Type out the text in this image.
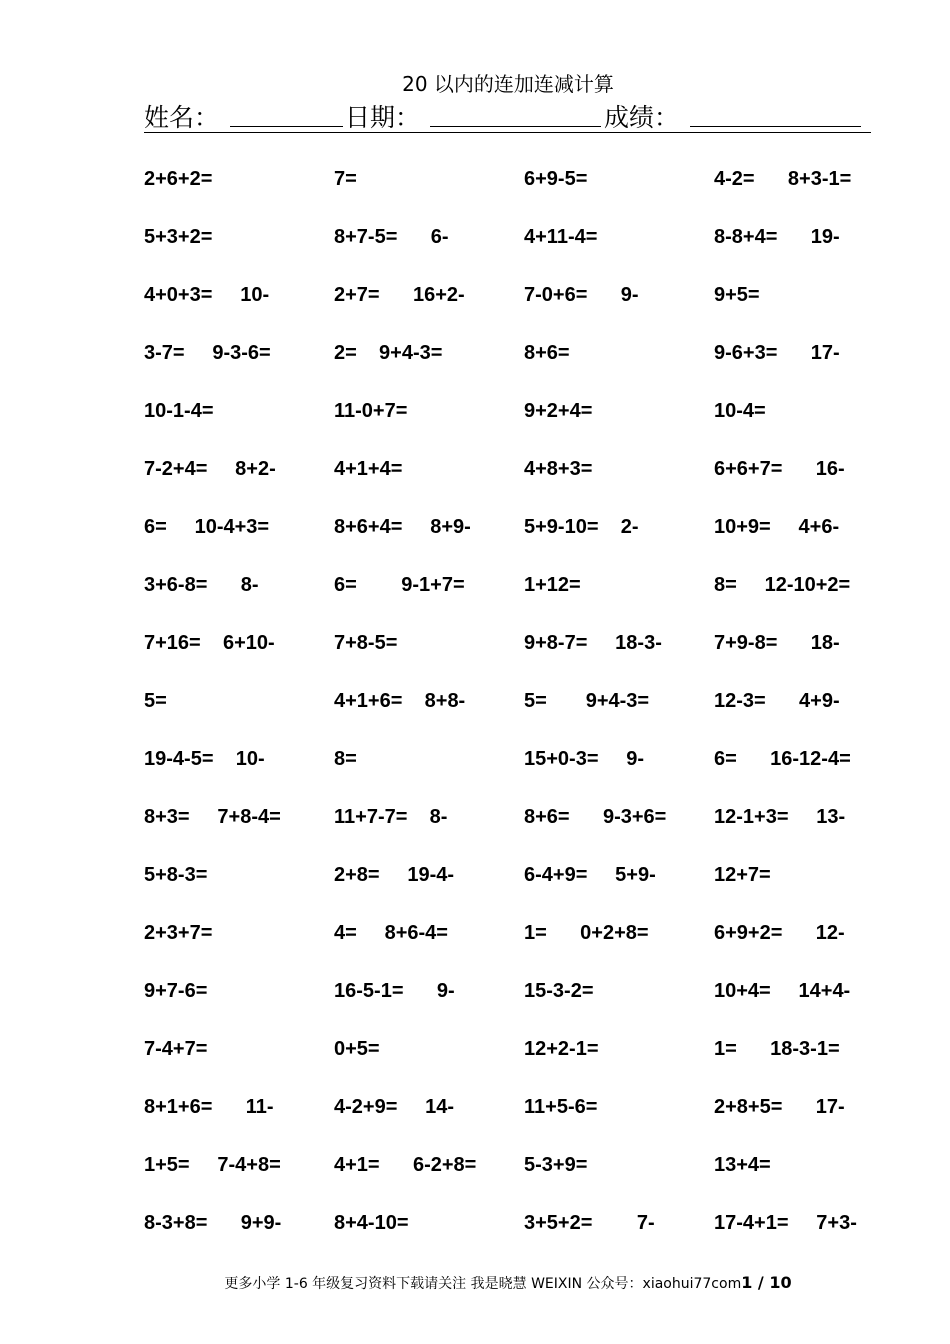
20 以内的连加连减计算
姓名：	日期：	成绩：
2+6+2=
5+3+2=
4+0+3=     10-
3-7=     9-3-6=
10-1-4=
7-2+4=     8+2-
6=     10-4+3=
3+6-8=      8-
7+16=    6+10-
5=
19-4-5=    10-
8+3=     7+8-4=
5+8-3=
2+3+7=
9+7-6=
7-4+7=
8+1+6=      11-
1+5=     7-4+8=
8-3+8=      9+9-
7=
8+7-5=      6-
2+7=      16+2-
2=    9+4-3=
11-0+7=
4+1+4=
8+6+4=     8+9-
6=        9-1+7=
7+8-5=
4+1+6=    8+8-
8=
11+7-7=    8-
2+8=     19-4-
4=     8+6-4=
16-5-1=      9-
0+5=
4-2+9=     14-
4+1=      6-2+8=
8+4-10=
6+9-5=
4+11-4=
7-0+6=      9-
8+6=
9+2+4=
4+8+3=
5+9-10=    2-
1+12=
9+8-7=     18-3-
5=       9+4-3=
15+0-3=     9-
8+6=      9-3+6=
6-4+9=     5+9-
1=      0+2+8=
15-3-2=
12+2-1=
11+5-6=
5-3+9=
3+5+2=        7-
4-2=      8+3-1=
8-8+4=      19-
9+5=
9-6+3=      17-
10-4=
6+6+7=      16-
10+9=     4+6-
8=     12-10+2=
7+9-8=      18-
12-3=      4+9-
6=      16-12-4=
12-1+3=     13-
12+7=
6+9+2=      12-
10+4=     14+4-
1=      18-3-1=
2+8+5=      17-
13+4=
17-4+1=     7+3-
更多小学 1-6 年级复习资料下载请关注 我是晓慧 WEIXIN 公众号：xiaohui77com1 / 10
